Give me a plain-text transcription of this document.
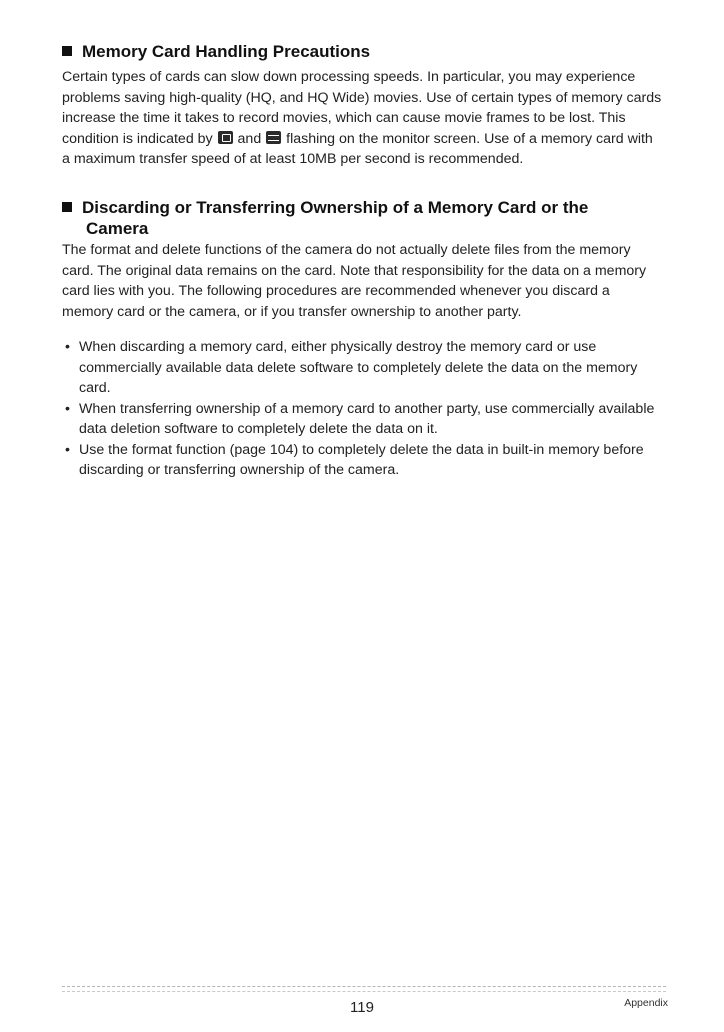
Memory Card Handling Precautions
Certain types of cards can slow down processing speeds. In particular, you may experience problems saving high-quality (HQ, and HQ Wide) movies. Use of certain types of memory cards increase the time it takes to record movies, which can cause movie frames to be lost. This condition is indicated by and flashing on the monitor screen. Use of a memory card with a maximum transfer speed of at least 10MB per second is recommended.
Discarding or Transferring Ownership of a Memory Card or the
Camera
The format and delete functions of the camera do not actually delete files from the memory card. The original data remains on the card. Note that responsibility for the data on a memory card lies with you. The following procedures are recommended whenever you discard a memory card or the camera, or if you transfer ownership to another party.
• When discarding a memory card, either physically destroy the memory card or use commercially available data delete software to completely delete the data on the memory card.
• When transferring ownership of a memory card to another party, use commercially available data deletion software to completely delete the data on it.
• Use the format function (page 104) to completely delete the data in built-in memory before discarding or transferring ownership of the camera.
119	Appendix
